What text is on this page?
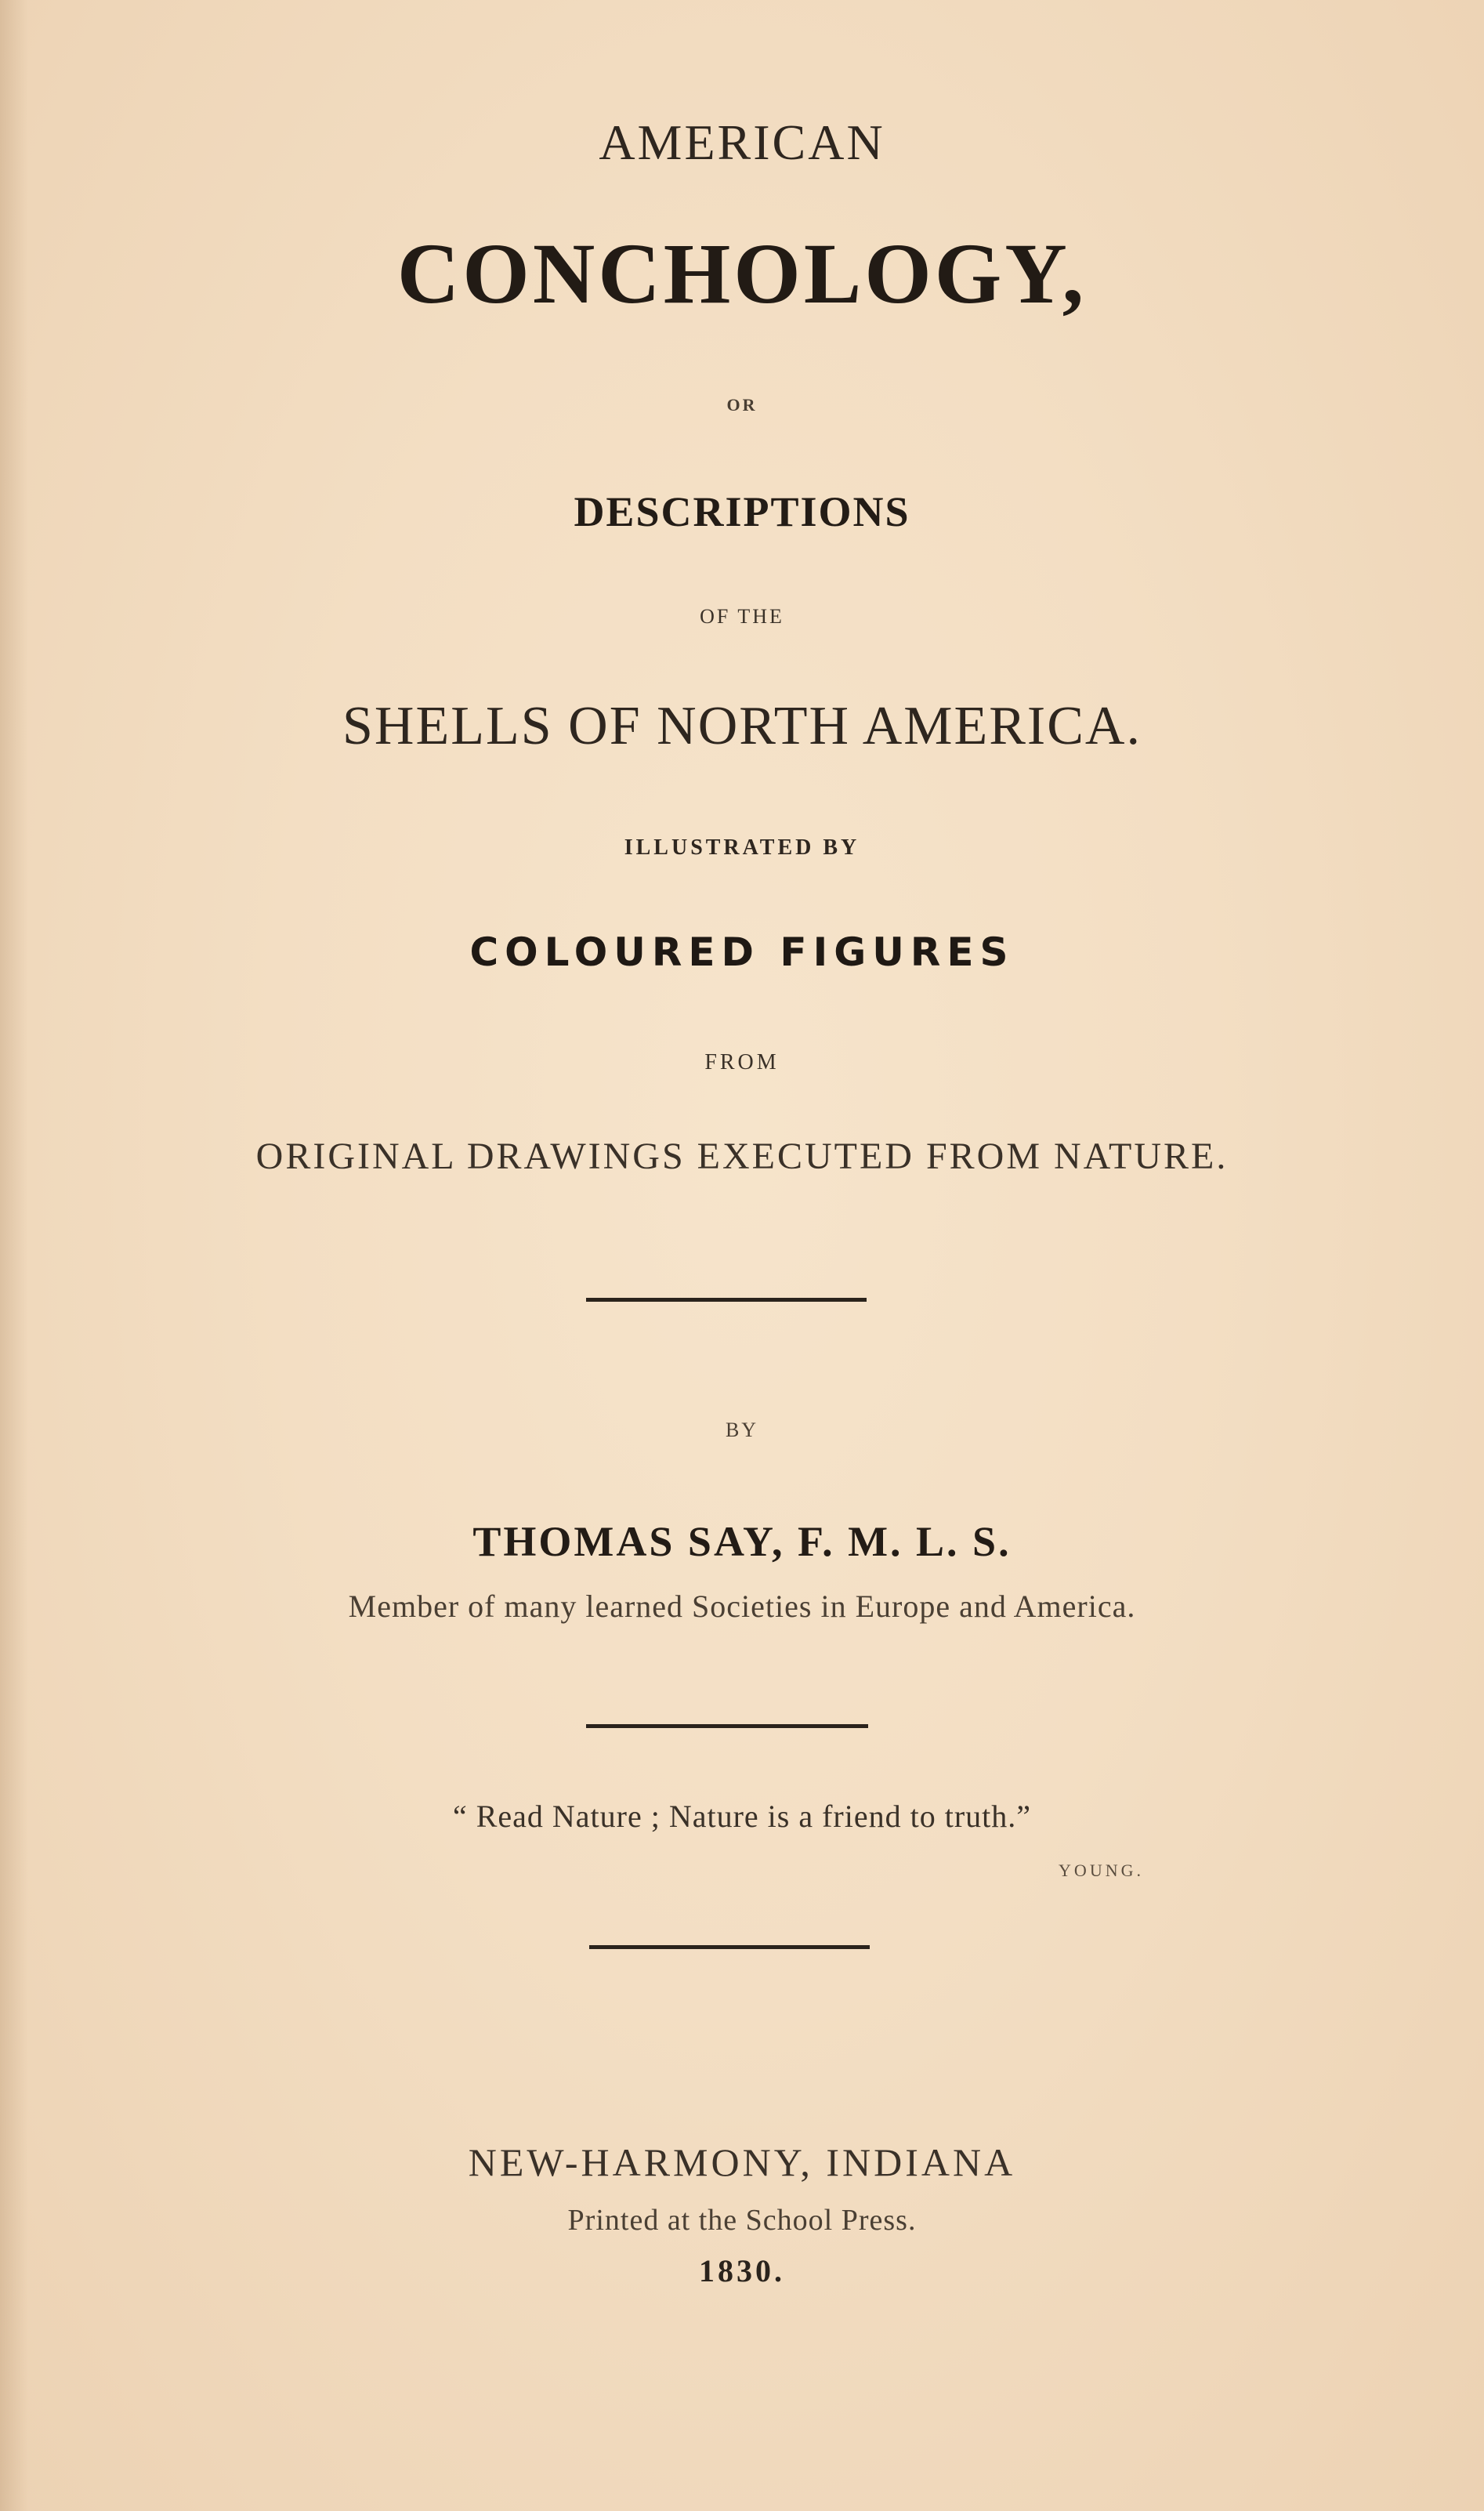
AMERICAN
CONCHOLOGY,
OR
DESCRIPTIONS
OF THE
SHELLS OF NORTH AMERICA.
ILLUSTRATED BY
COLOURED FIGURES
FROM
ORIGINAL DRAWINGS EXECUTED FROM NATURE.
BY
THOMAS SAY, F. M. L. S.
Member of many learned Societies in Europe and America.
“ Read Nature ; Nature is a friend to truth.”
YOUNG.
NEW-HARMONY, INDIANA
Printed at the School Press.
1830.
